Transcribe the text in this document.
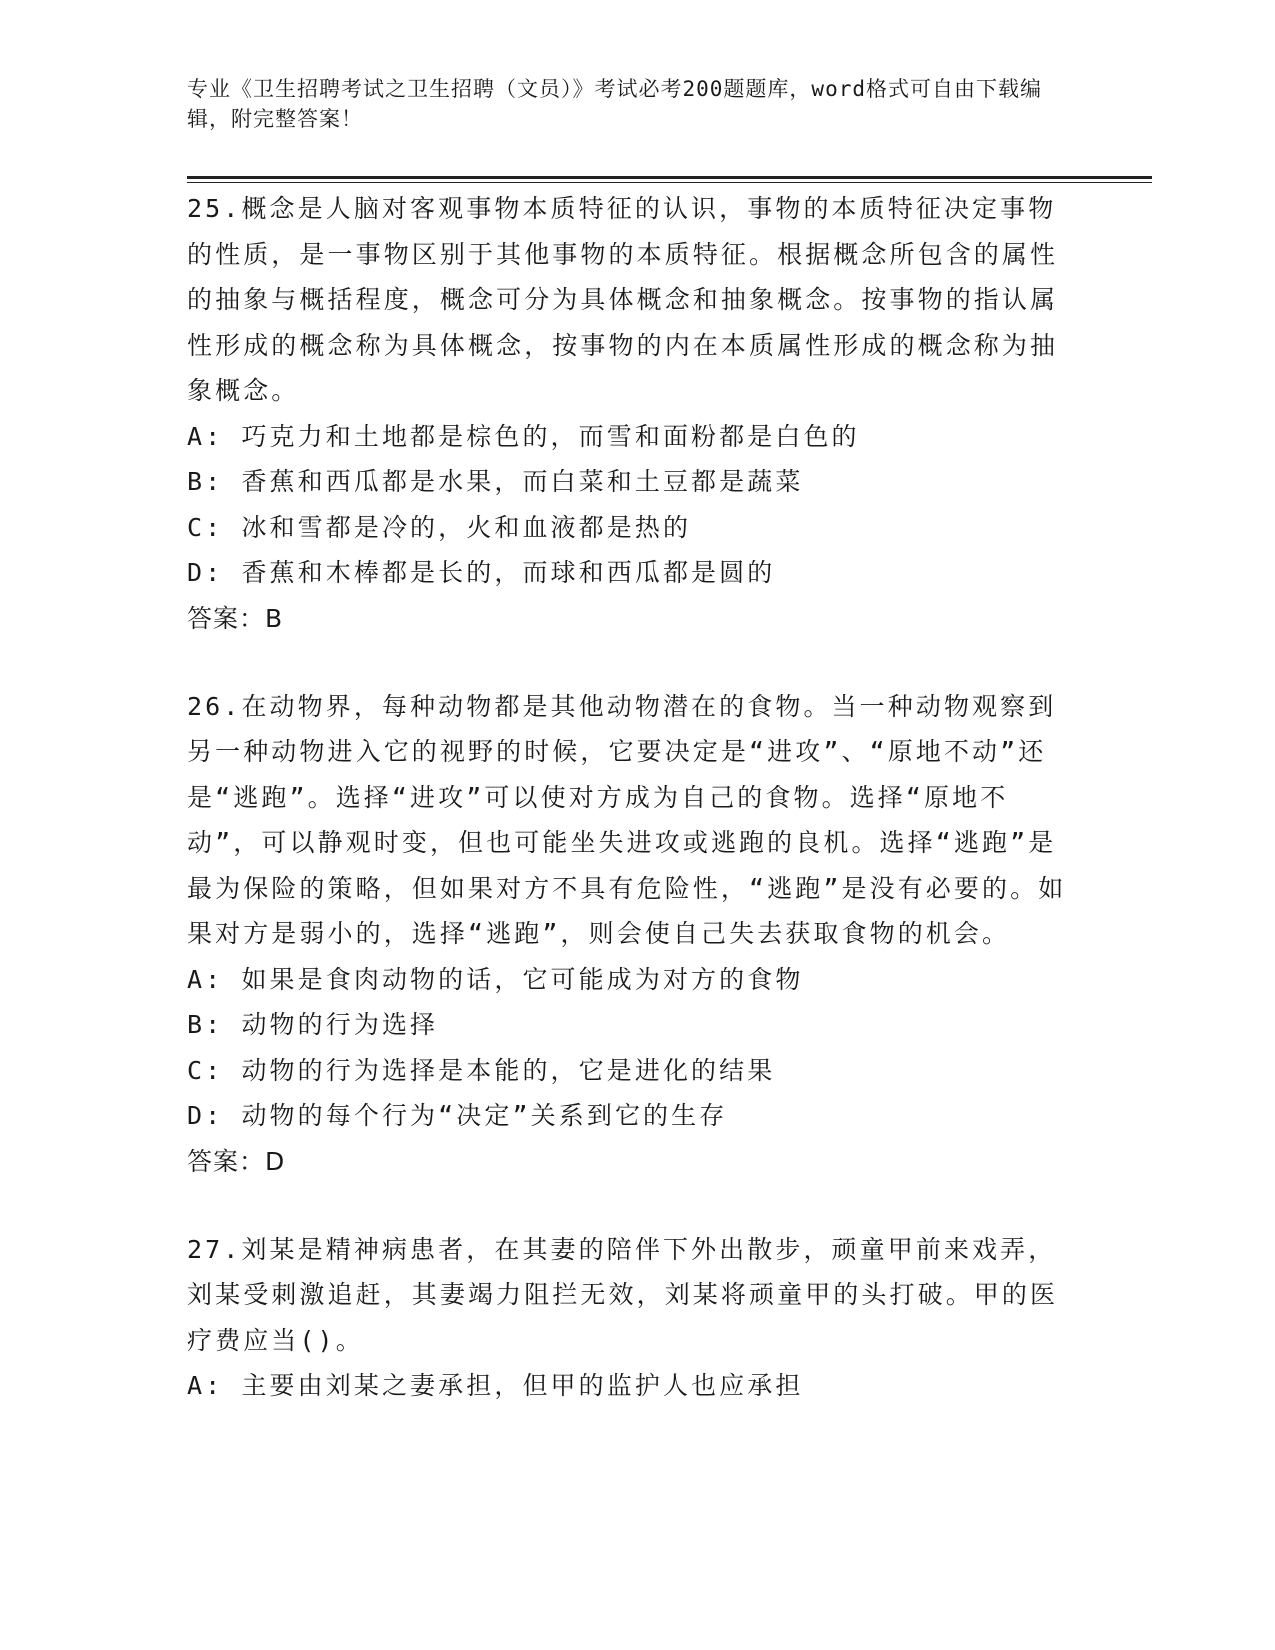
专业《卫生招聘考试之卫生招聘（文员）》考试必考200题题库，word格式可自由下载编辑，附完整答案！

25.概念是人脑对客观事物本质特征的认识，事物的本质特征决定事物的性质，是一事物区别于其他事物的本质特征。根据概念所包含的属性的抽象与概括程度，概念可分为具体概念和抽象概念。按事物的指认属性形成的概念称为具体概念，按事物的内在本质属性形成的概念称为抽象概念。

A: 巧克力和土地都是棕色的，而雪和面粉都是白色的

B: 香蕉和西瓜都是水果，而白菜和土豆都是蔬菜

C: 冰和雪都是冷的，火和血液都是热的

D: 香蕉和木棒都是长的，而球和西瓜都是圆的

答案：B

26.在动物界，每种动物都是其他动物潜在的食物。当一种动物观察到另一种动物进入它的视野的时候，它要决定是“进攻”、“原地不动”还是“逃跑”。选择“进攻”可以使对方成为自己的食物。选择“原地不动”，可以静观时变，但也可能坐失进攻或逃跑的良机。选择“逃跑”是最为保险的策略，但如果对方不具有危险性，“逃跑”是没有必要的。如果对方是弱小的，选择“逃跑”，则会使自己失去获取食物的机会。

A: 如果是食肉动物的话，它可能成为对方的食物

B: 动物的行为选择

C: 动物的行为选择是本能的，它是进化的结果

D: 动物的每个行为“决定”关系到它的生存

答案：D

27.刘某是精神病患者，在其妻的陪伴下外出散步，顽童甲前来戏弄，刘某受刺激追赶，其妻竭力阻拦无效，刘某将顽童甲的头打破。甲的医疗费应当()。

A: 主要由刘某之妻承担，但甲的监护人也应承担
